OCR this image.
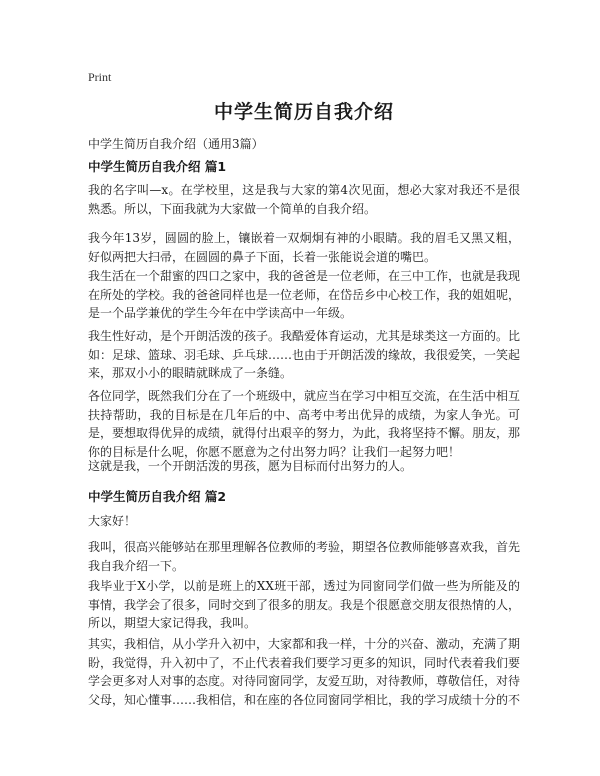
Print
中学生简历自我介绍

中学生简历自我介绍（通用3篇）

中学生简历自我介绍 篇1

我的名字叫—x。在学校里，这是我与大家的第4次见面，想必大家对我还不是很熟悉。所以，下面我就为大家做一个简单的自我介绍。

我今年13岁，圆圆的脸上，镶嵌着一双炯炯有神的小眼睛。我的眉毛又黑又粗，好似两把大扫帚，在圆圆的鼻子下面，长着一张能说会道的嘴巴。

我生活在一个甜蜜的四口之家中，我的爸爸是一位老师，在三中工作，也就是我现在所处的学校。我的爸爸同样也是一位老师，在岱岳乡中心校工作，我的姐姐呢，是一个品学兼优的学生今年在中学读高中一年级。

我生性好动，是个开朗活泼的孩子。我酷爱体育运动，尤其是球类这一方面的。比如：足球、篮球、羽毛球、乒乓球……也由于开朗活泼的缘故，我很爱笑，一笑起来，那双小小的眼睛就眯成了一条缝。

各位同学，既然我们分在了一个班级中，就应当在学习中相互交流，在生活中相互扶持帮助，我的目标是在几年后的中、高考中考出优异的成绩，为家人争光。可是，要想取得优异的成绩，就得付出艰辛的努力，为此，我将坚持不懈。朋友，那你的目标是什么呢，你愿不愿意为之付出努力吗？让我们一起努力吧！

这就是我，一个开朗活泼的男孩，愿为目标而付出努力的人。

中学生简历自我介绍 篇2

大家好！

我叫，很高兴能够站在那里理解各位教师的考验，期望各位教师能够喜欢我，首先我自我介绍一下。

我毕业于X小学，以前是班上的XX班干部，透过为同窗同学们做一些为所能及的事情，我学会了很多，同时交到了很多的朋友。我是个很愿意交朋友很热情的人，所以，期望大家记得我，我叫。

其实，我相信，从小学升入初中，大家都和我一样，十分的兴奋、激动，充满了期盼，我觉得，升入初中了，不止代表着我们要学习更多的知识，同时代表着我们要学会更多对人对事的态度。对待同窗同学，友爱互助，对待教师，尊敬信任，对待父母，知心懂事……我相信，和在座的各位同窗同学相比，我的学习成绩十分的不
